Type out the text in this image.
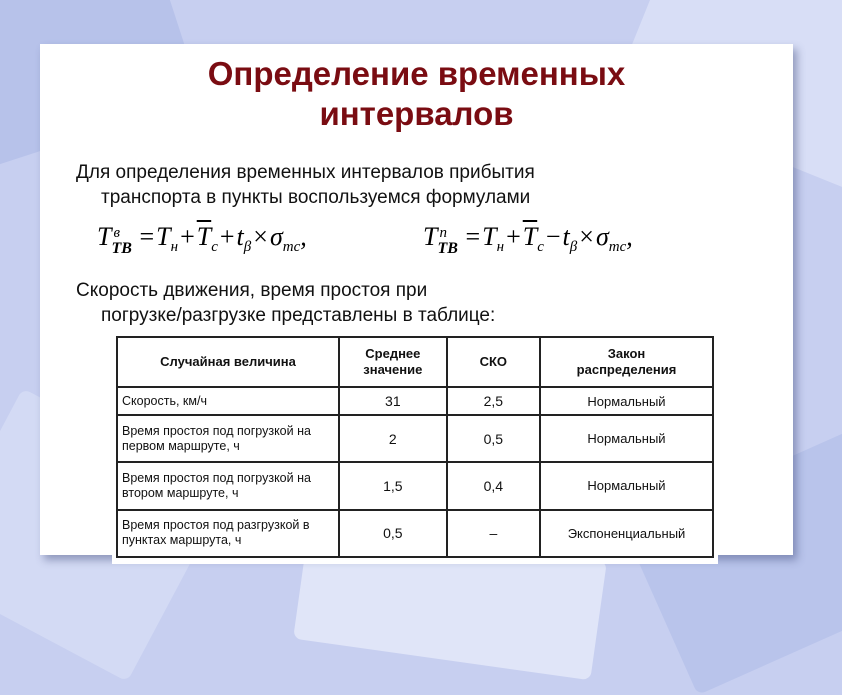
Определение временных интервалов
Для определения временных интервалов прибытия
транспорта в пункты воспользуемся формулами
T в
TB $=T_н+\overline{T}_c+t_\beta\times\sigma_{тс}$,	T п
TB $=T_н+\overline{T}_c-t_\beta\times\sigma_{тс}$,
Скорость движения, время простоя при
погрузке/разгрузке представлены в таблице:
Случайная величина	Среднее значение	СКО	Закон распределения
Скорость, км/ч	31	2,5	Нормальный
Время простоя под погрузкой на первом маршруте, ч	2	0,5	Нормальный
Время простоя под погрузкой на втором маршруте, ч	1,5	0,4	Нормальный
Время простоя под разгрузкой в пунктах маршрута, ч	0,5	–	Экспоненциальный
